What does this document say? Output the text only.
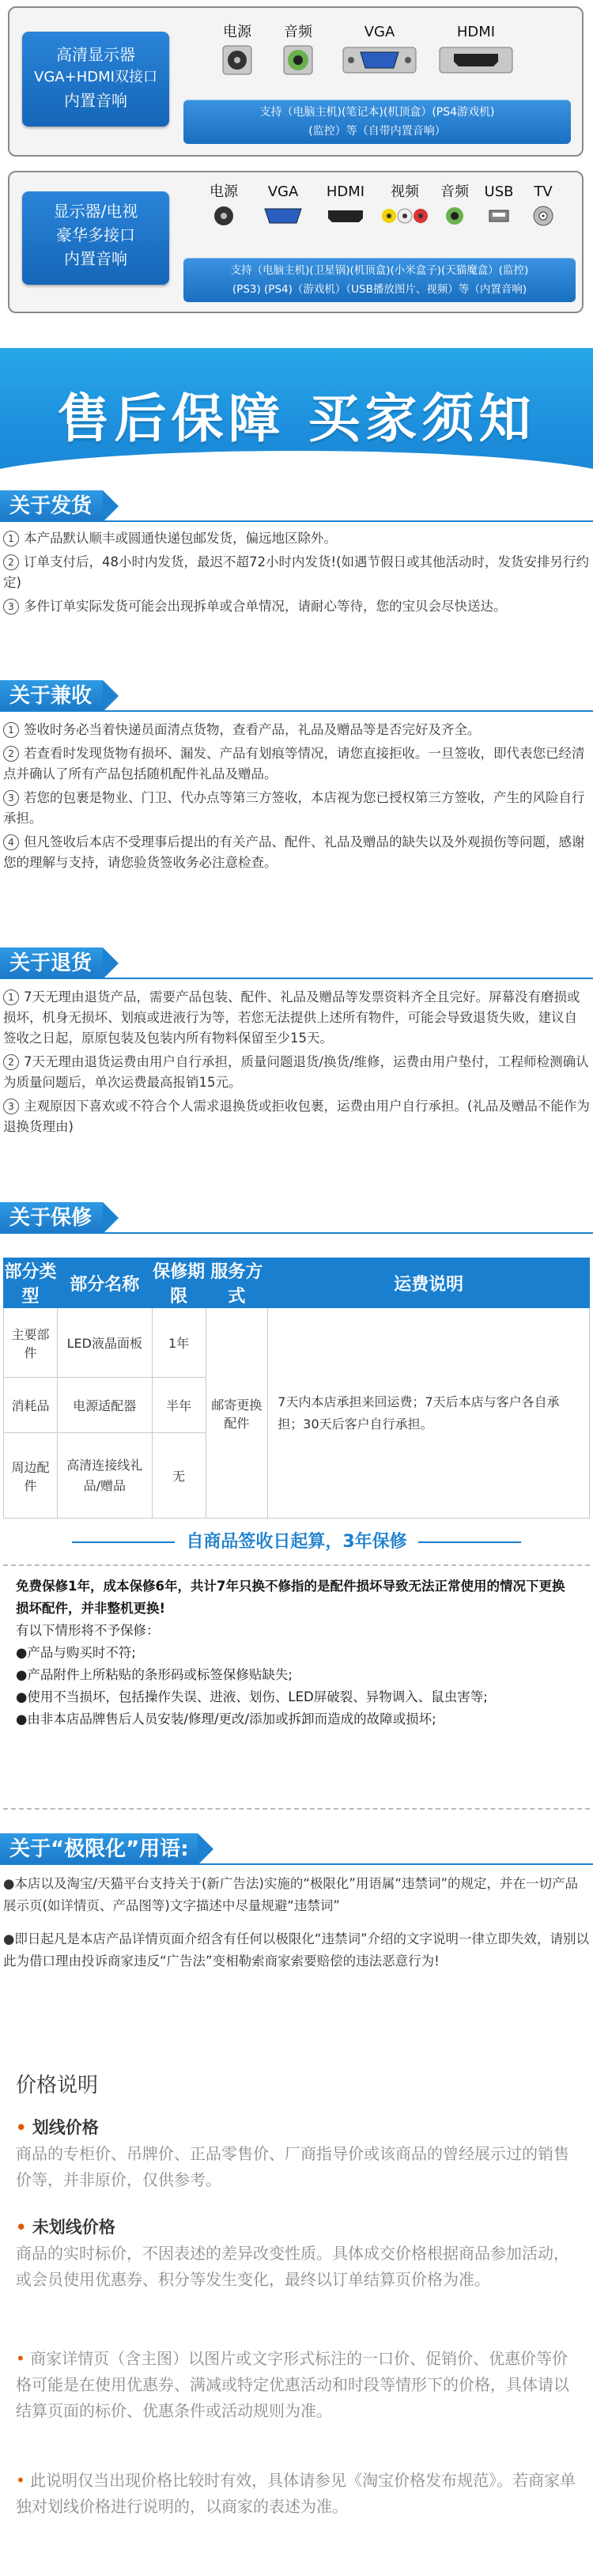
高清显示器
VGA+HDMI双接口
内置音响
电源	音频	VGA	HDMI
支持（电脑主机)(笔记本)(机顶盒）(PS4游戏机)
(监控）等（自带内置音响）
显示器/电视
豪华多接口
内置音响
电源	VGA	HDMI	视频	音频	USB	TV
支持（电脑主机)(卫星锅)(机顶盒)(小米盒子)(天猫魔盒）(监控)
(PS3) (PS4)（游戏机）（USB播放图片、视频）等（内置音响)
售后保障 买家须知
关于发货

1 本产品默认顺丰或圆通快递包邮发货，偏远地区除外。

2 订单支付后，48小时内发货，最迟不超72小时内发货!(如遇节假日或其他活动时，发货安排另行约定)

3 多件订单实际发货可能会出现拆单或合单情况，请耐心等待，您的宝贝会尽快送达。

关于兼收

1 签收时务必当着快递员面清点货物，查看产品，礼品及赠品等是否完好及齐全。

2 若查看时发现货物有损坏、漏发、产品有划痕等情况，请您直接拒收。一旦签收，即代表您已经清点并确认了所有产品包括随机配件礼品及赠品。

3 若您的包裹是物业、门卫、代办点等第三方签收，本店视为您已授权第三方签收，产生的风险自行承担。

4 但凡签收后本店不受理事后提出的有关产品、配件、礼品及赠品的缺失以及外观损伤等问题，感谢您的理解与支持，请您验货签收务必注意检查。

关于退货

1 7天无理由退货产品，需要产品包装、配件、礼品及赠品等发票资料齐全且完好。屏幕没有磨损或损坏，机身无损坏、划痕或进液行为等，若您无法提供上述所有物件，可能会导致退货失败，建议自签收之日起，原原包装及包装内所有物料保留至少15天。

2 7天无理由退货运费由用户自行承担，质量问题退货/换货/维修，运费由用户垫付，工程师检测确认为质量问题后，单次运费最高报销15元。

3 主观原因下喜欢或不符合个人需求退换货或拒收包裹，运费由用户自行承担。(礼品及赠品不能作为退换货理由)

关于保修
部分类型	部分名称	保修期限	服务方式	运费说明
主要部件	LED液晶面板	1年	邮寄更换配件	7天内本店承担来回运费；7天后本店与客户各自承担；30天后客户自行承担。
消耗品	电源适配器	半年		
周边配件	高清连接线礼品/赠品	无		
自商品签收日起算，3年保修

免费保修1年，成本保修6年，共计7年只换不修指的是配件损坏导致无法正常使用的情况下更换损坏配件，并非整机更换!

有以下情形将不予保修：

●产品与购买时不符;

●产品附件上所粘贴的条形码或标签保修贴缺失;

●使用不当损坏，包括操作失误、进液、划伤、LED屏破裂、异物调入、鼠虫害等;

●由非本店品牌售后人员安装/修理/更改/添加或拆卸而造成的故障或损坏;

关于“极限化”用语:

●本店以及淘宝/天猫平台支持关于(新广告法)实施的“极限化”用语属“违禁词”的规定，并在一切产品展示页(如详情页、产品图等)文字描述中尽量规避“违禁词”

●即日起凡是本店产品详情页面介绍含有任何以极限化“违禁词”介绍的文字说明一律立即失效，请别以此为借口理由投诉商家违反“广告法”变相勒索商家索要赔偿的违法恶意行为!

价格说明
• 划线价格
商品的专柜价、吊牌价、正品零售价、厂商指导价或该商品的曾经展示过的销售价等，并非原价，仅供参考。
• 未划线价格
商品的实时标价，不因表述的差异改变性质。具体成交价格根据商品参加活动，或会员使用优惠券、积分等发生变化，最终以订单结算页价格为准。
• 商家详情页（含主图）以图片或文字形式标注的一口价、促销价、优惠价等价格可能是在使用优惠券、满减或特定优惠活动和时段等情形下的价格，具体请以结算页面的标价、优惠条件或活动规则为准。
• 此说明仅当出现价格比较时有效，具体请参见《淘宝价格发布规范》。若商家单独对划线价格进行说明的，以商家的表述为准。
